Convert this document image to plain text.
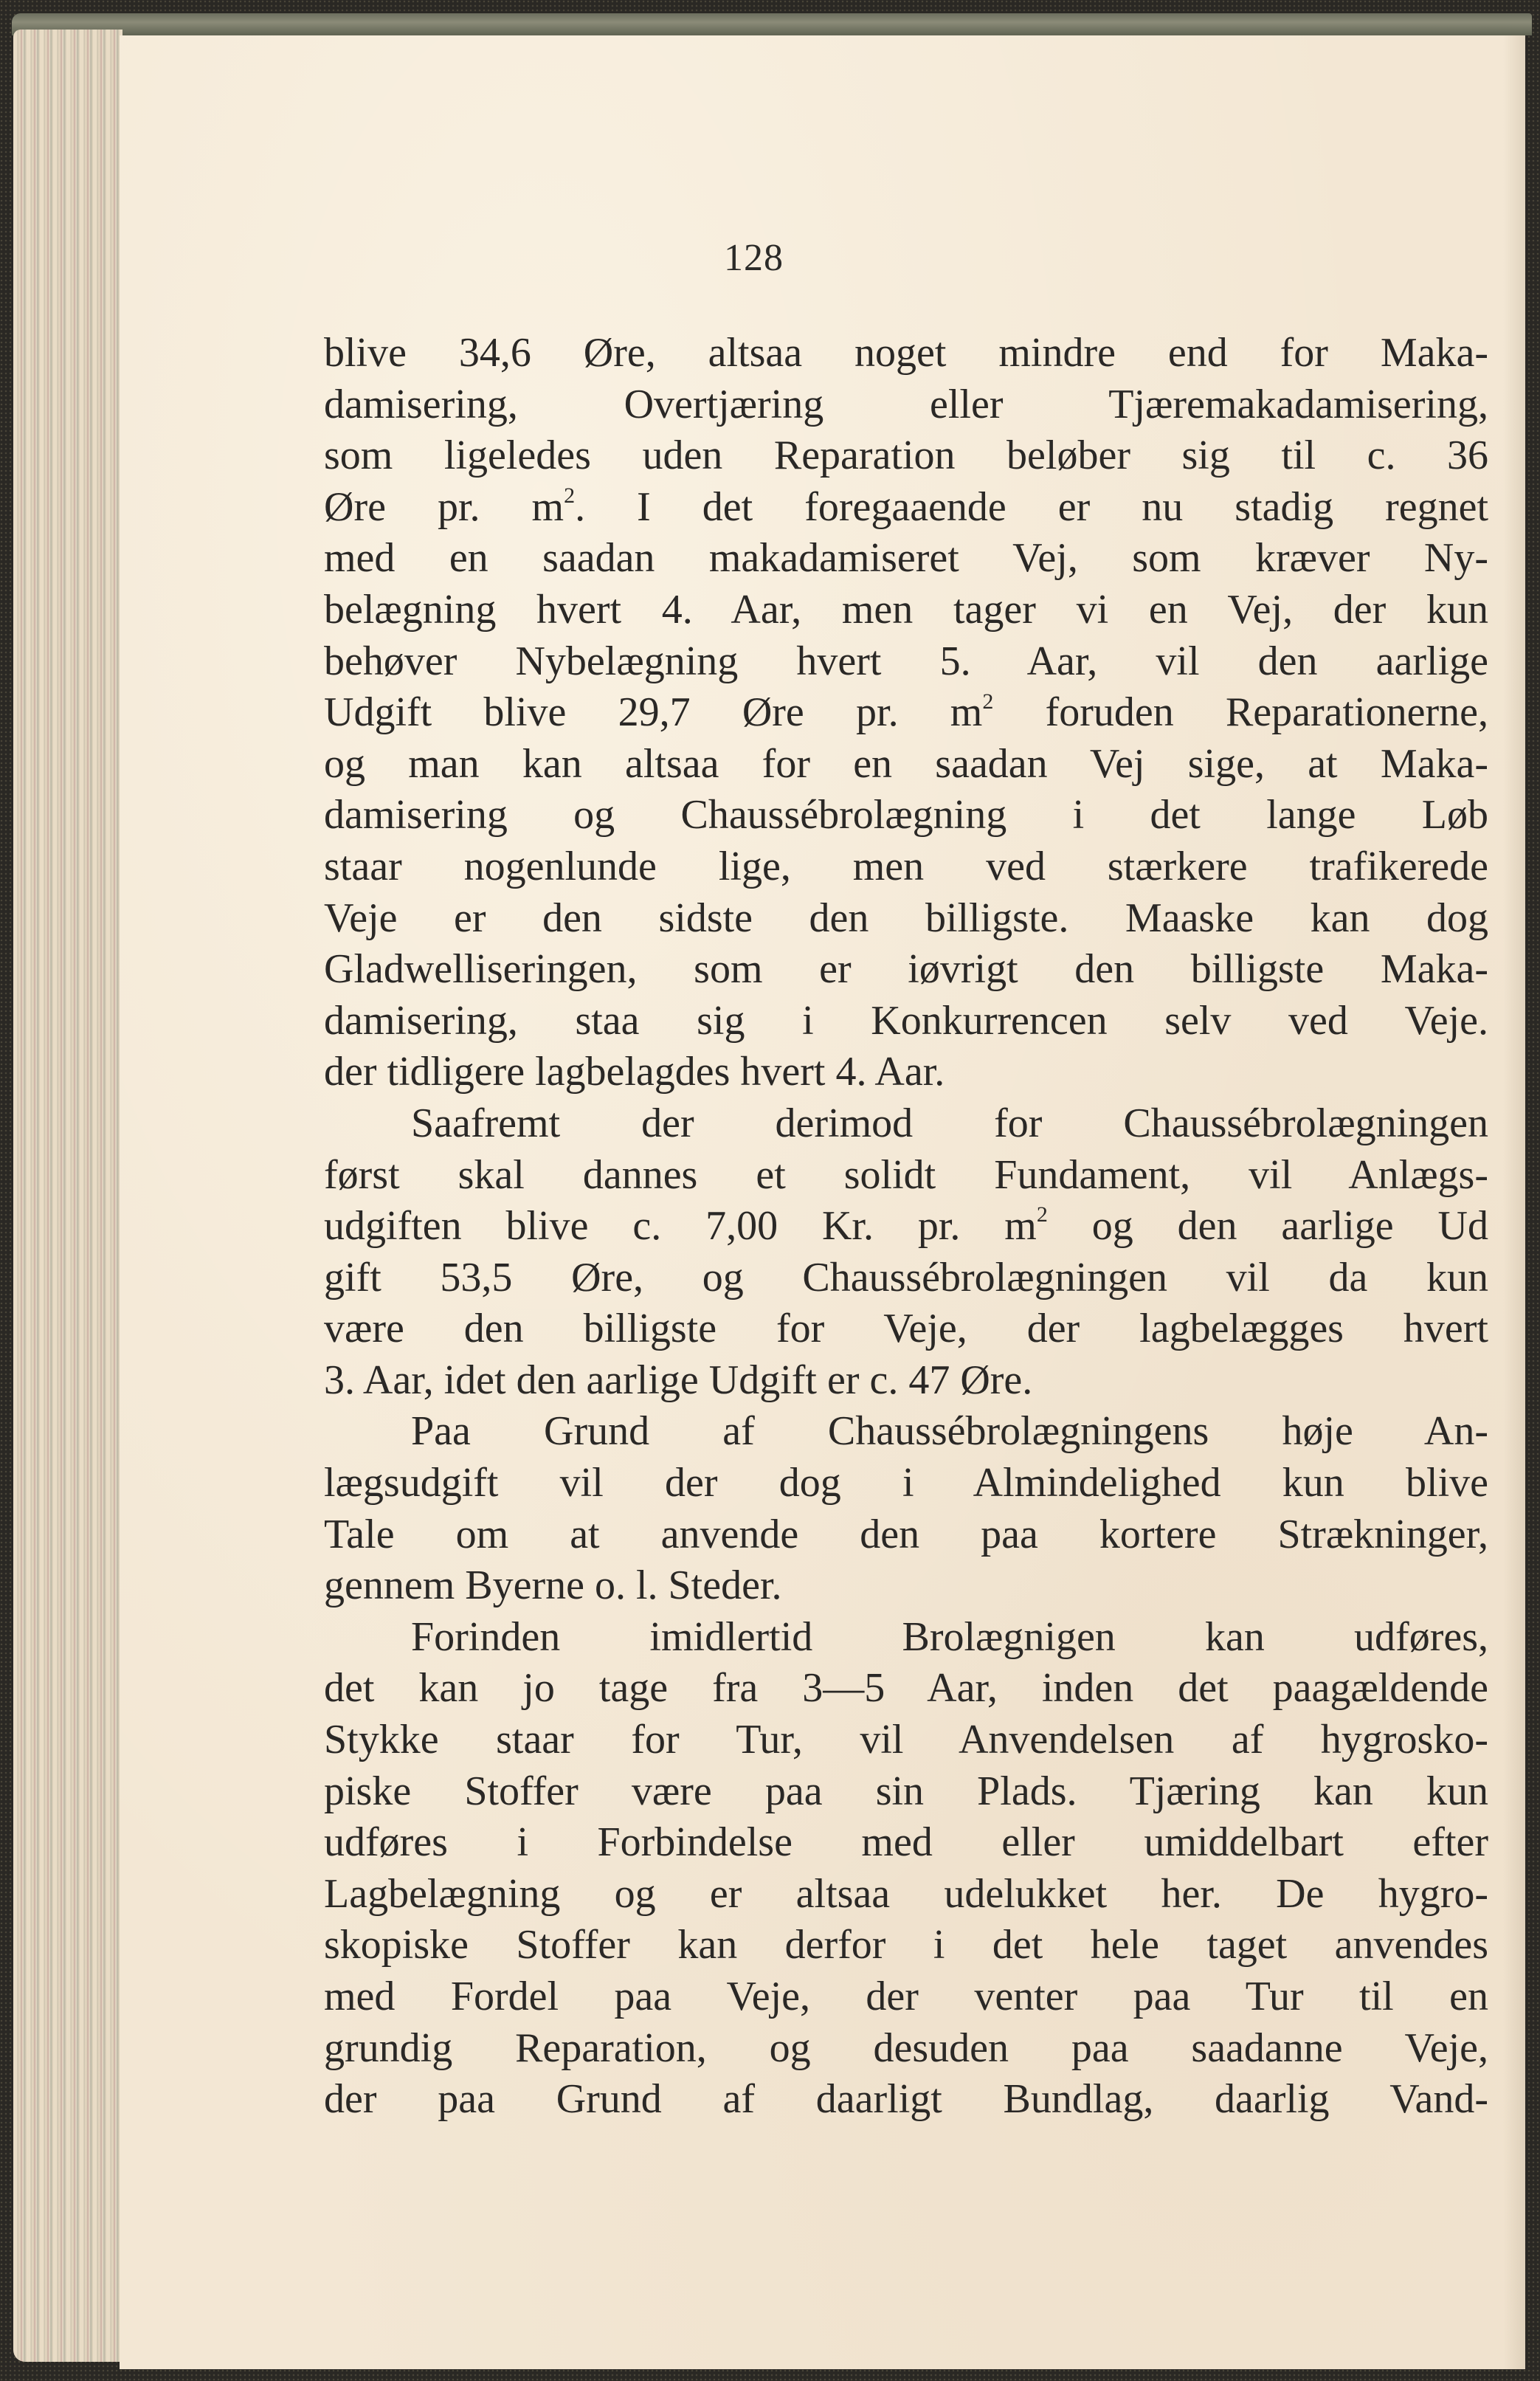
128
blive 34,6 Øre, altsaa noget mindre end for Maka-
damisering, Overtjæring eller Tjæremakadamisering,
som ligeledes uden Reparation beløber sig til c. 36
Øre pr. $m^2$. I det foregaaende er nu stadig regnet
med en saadan makadamiseret Vej, som kræver Ny-
belægning hvert 4. Aar, men tager vi en Vej, der kun
behøver Nybelægning hvert 5. Aar, vil den aarlige
Udgift blive 29,7 Øre pr. $m^2$ foruden Reparationerne,
og man kan altsaa for en saadan Vej sige, at Maka-
damisering og Chaussébrolægning i det lange Løb
staar nogenlunde lige, men ved stærkere trafikerede
Veje er den sidste den billigste. Maaske kan dog
Gladwelliseringen, som er iøvrigt den billigste Maka-
damisering, staa sig i Konkurrencen selv ved Veje.
der tidligere lagbelagdes hvert 4. Aar.
Saafremt der derimod for Chaussébrolægningen
først skal dannes et solidt Fundament, vil Anlægs-
udgiften blive c. 7,00 Kr. pr. $m^2$ og den aarlige Ud
gift 53,5 Øre, og Chaussébrolægningen vil da kun
være den billigste for Veje, der lagbelægges hvert
3. Aar, idet den aarlige Udgift er c. 47 Øre.
Paa Grund af Chaussébrolægningens høje An-
lægsudgift vil der dog i Almindelighed kun blive
Tale om at anvende den paa kortere Strækninger,
gennem Byerne o. l. Steder.
Forinden imidlertid Brolægnigen kan udføres,
det kan jo tage fra 3—5 Aar, inden det paagældende
Stykke staar for Tur, vil Anvendelsen af hygrosko-
piske Stoffer være paa sin Plads. Tjæring kan kun
udføres i Forbindelse med eller umiddelbart efter
Lagbelægning og er altsaa udelukket her. De hygro-
skopiske Stoffer kan derfor i det hele taget anvendes
med Fordel paa Veje, der venter paa Tur til en
grundig Reparation, og desuden paa saadanne Veje,
der paa Grund af daarligt Bundlag, daarlig Vand-
